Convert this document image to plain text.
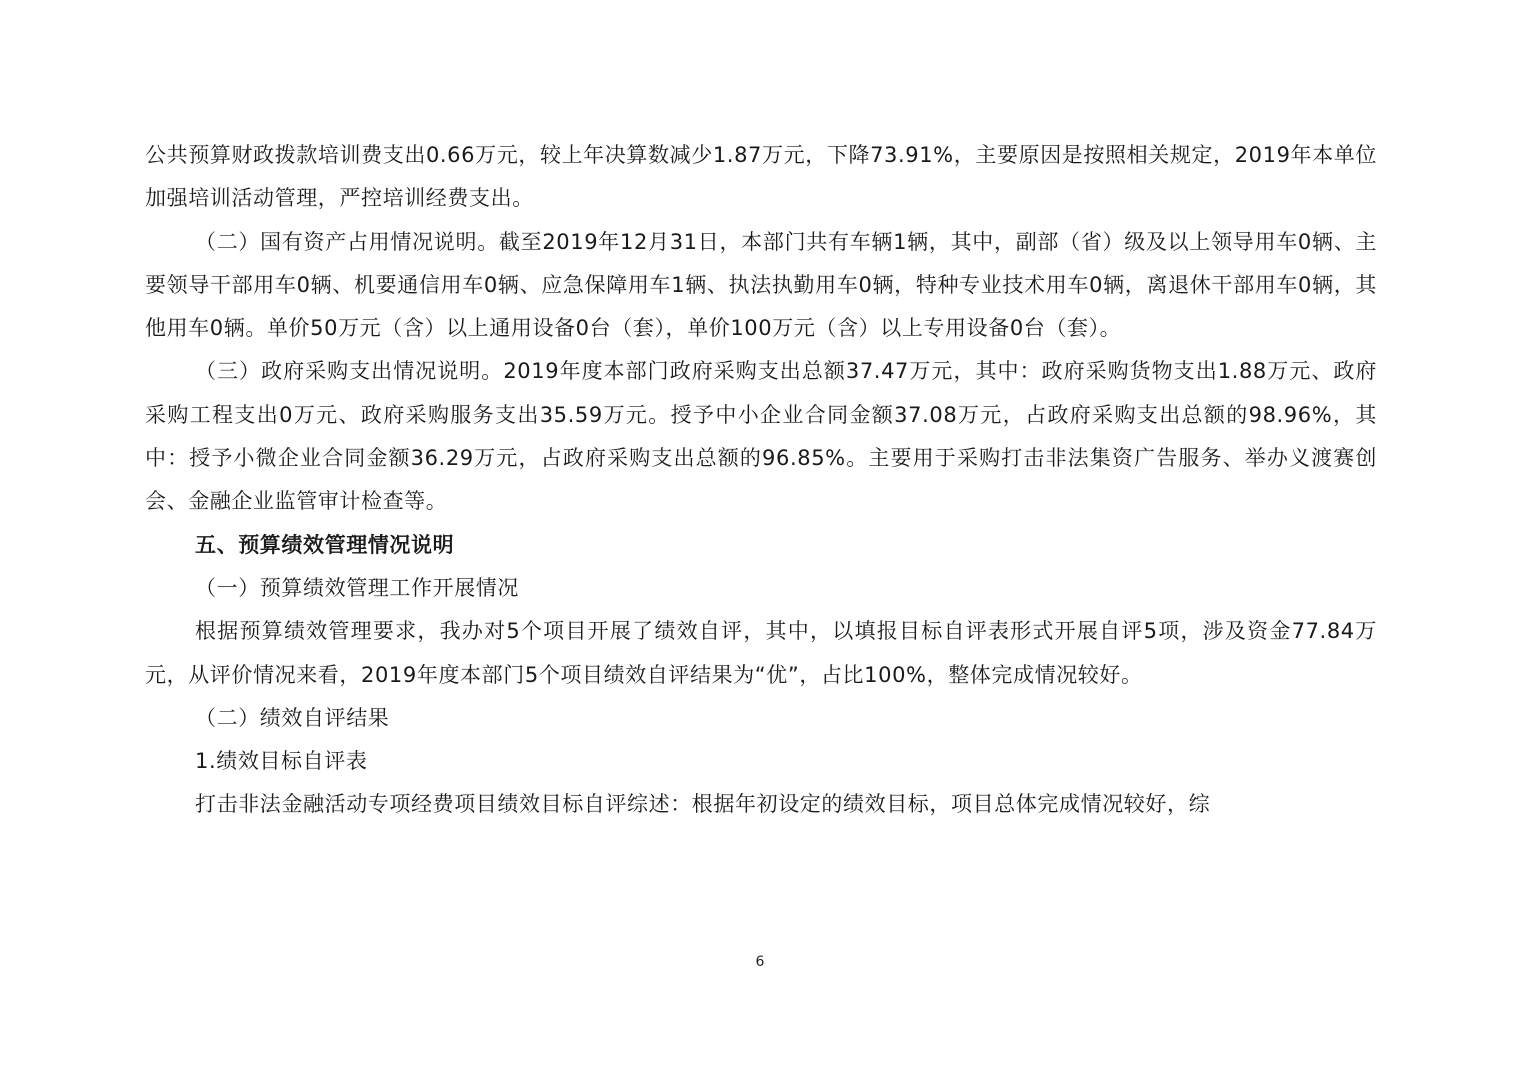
公共预算财政拨款培训费支出0.66万元，较上年决算数减少1.87万元，下降73.91%，主要原因是按照相关规定，2019年本单位加强培训活动管理，严控培训经费支出。

（二）国有资产占用情况说明。截至2019年12月31日，本部门共有车辆1辆，其中，副部（省）级及以上领导用车0辆、主要领导干部用车0辆、机要通信用车0辆、应急保障用车1辆、执法执勤用车0辆，特种专业技术用车0辆，离退休干部用车0辆，其他用车0辆。单价50万元（含）以上通用设备0台（套），单价100万元（含）以上专用设备0台（套）。

（三）政府采购支出情况说明。2019年度本部门政府采购支出总额37.47万元，其中：政府采购货物支出1.88万元、政府采购工程支出0万元、政府采购服务支出35.59万元。授予中小企业合同金额37.08万元，占政府采购支出总额的98.96%，其中：授予小微企业合同金额36.29万元，占政府采购支出总额的96.85%。主要用于采购打击非法集资广告服务、举办义渡赛创会、金融企业监管审计检查等。

五、预算绩效管理情况说明

（一）预算绩效管理工作开展情况

根据预算绩效管理要求，我办对5个项目开展了绩效自评，其中，以填报目标自评表形式开展自评5项，涉及资金77.84万元，从评价情况来看，2019年度本部门5个项目绩效自评结果为“优”，占比100%，整体完成情况较好。

（二）绩效自评结果

1.绩效目标自评表

打击非法金融活动专项经费项目绩效目标自评综述：根据年初设定的绩效目标，项目总体完成情况较好，综

6
